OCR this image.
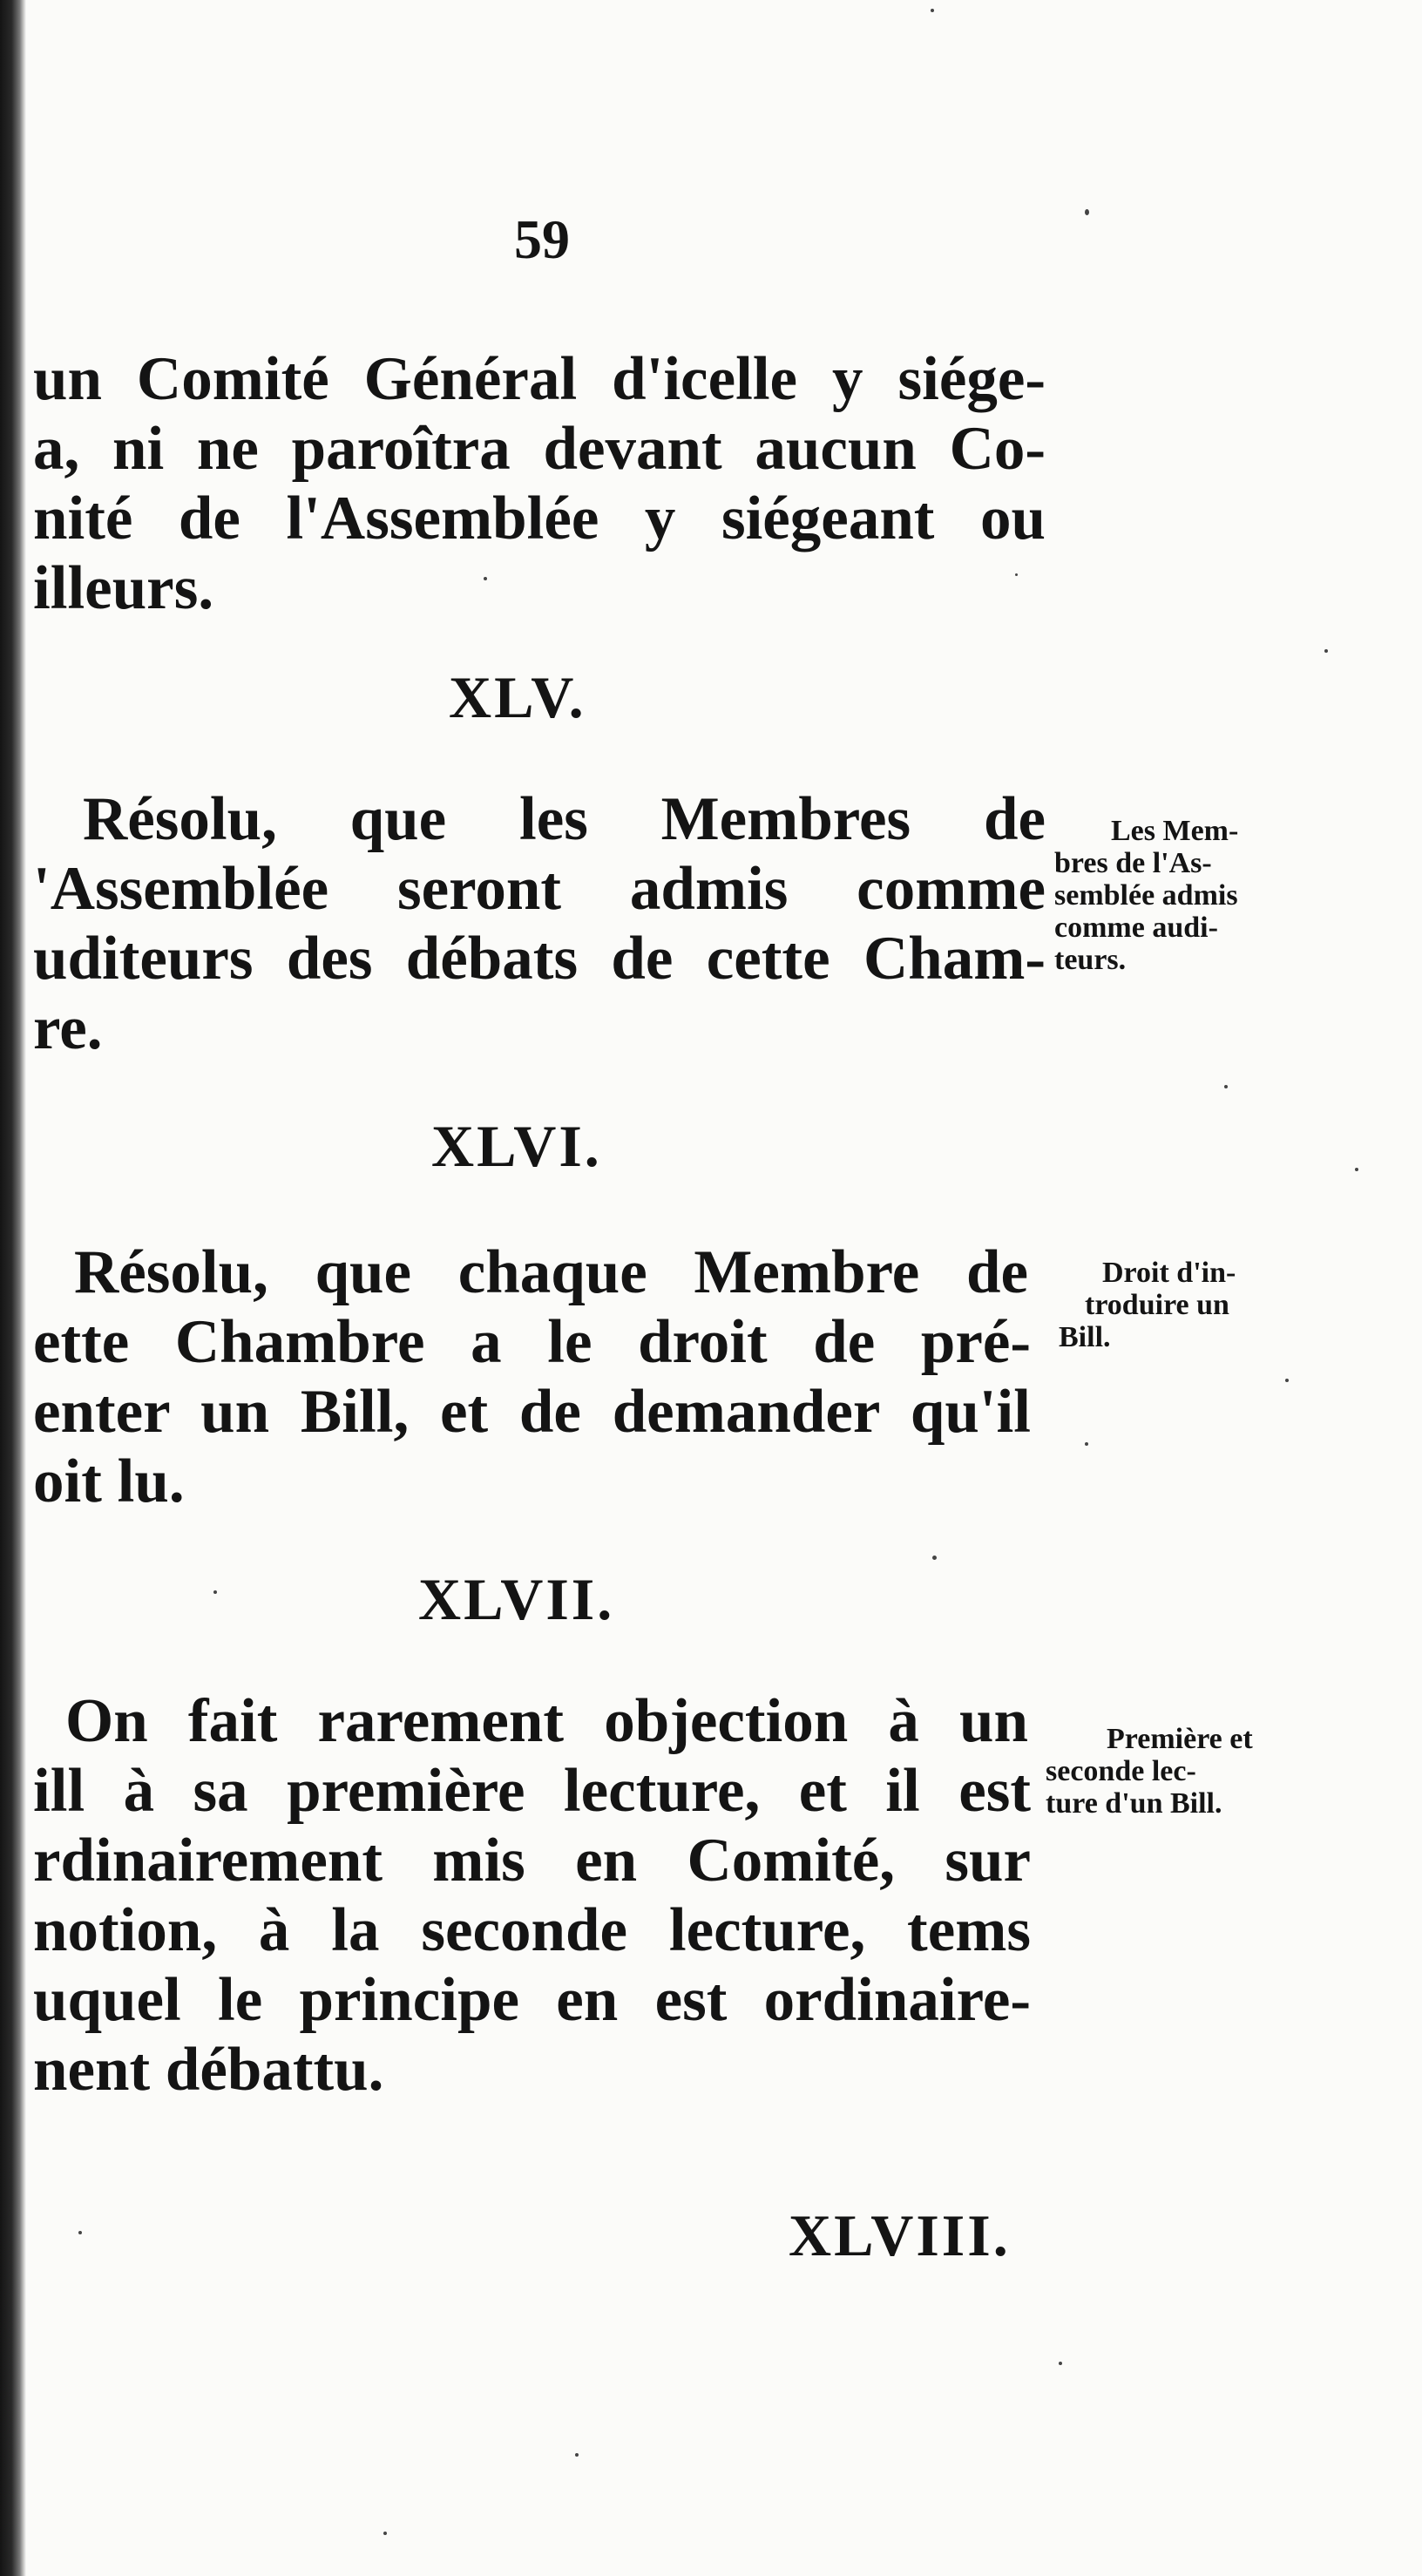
59
un Comité Général d'icelle y siége-
a, ni ne paroîtra devant aucun Co-
nité de l'Assemblée y siégeant ou
illeurs.
XLV.
Résolu, que les Membres de
'Assemblée seront admis comme
uditeurs des débats de cette Cham-
re.
Les Mem-
bres de l'As-
semblée admis
comme audi-
teurs.
XLVI.
Résolu, que chaque Membre de
ette Chambre a le droit de pré-
enter un Bill, et de demander qu'il
oit lu.
Droit d'in-
troduire un
Bill.
XLVII.
On fait rarement objection à un
ill à sa première lecture, et il est
rdinairement mis en Comité, sur
notion, à la seconde lecture, tems
uquel le principe en est ordinaire-
nent débattu.
Première et
seconde lec-
ture d'un Bill.
XLVIII.
